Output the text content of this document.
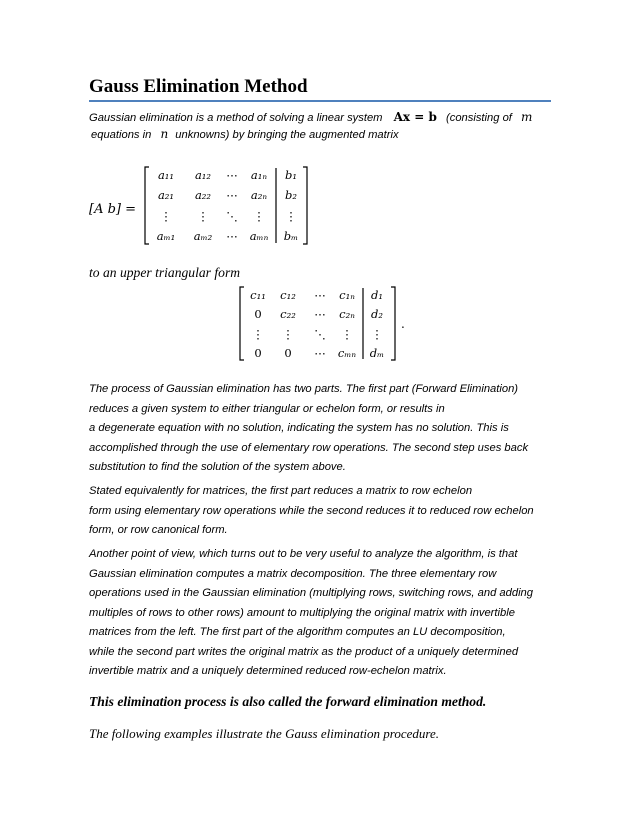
Gauss Elimination Method
Gaussian elimination is a method of solving a linear system Ax = b (consisting of m
equations in n unknowns) by bringing the augmented matrix
[A b] =
a₁₁ a₁₂ ⋯ a₁ₙ b₁
a₂₁ a₂₂ ⋯ a₂ₙ b₂
⋮ ⋮ ⋱ ⋮ ⋮
aₘ₁ aₘ₂ ⋯ aₘₙ bₘ
c₁₁ c₁₂ ⋯ c₁ₙ d₁
0 c₂₂ ⋯ c₂ₙ d₂
⋮ ⋮ ⋱ ⋮ ⋮
0 0 ⋯ cₘₙ dₘ
.
to an upper triangular form
The process of Gaussian elimination has two parts. The first part (Forward Elimination)
reduces a given system to either triangular or echelon form, or results in
a degenerate equation with no solution, indicating the system has no solution. This is
accomplished through the use of elementary row operations. The second step uses back
substitution to find the solution of the system above.
Stated equivalently for matrices, the first part reduces a matrix to row echelon
form using elementary row operations while the second reduces it to reduced row echelon
form, or row canonical form.
Another point of view, which turns out to be very useful to analyze the algorithm, is that
Gaussian elimination computes a matrix decomposition. The three elementary row
operations used in the Gaussian elimination (multiplying rows, switching rows, and adding
multiples of rows to other rows) amount to multiplying the original matrix with invertible
matrices from the left. The first part of the algorithm computes an LU decomposition,
while the second part writes the original matrix as the product of a uniquely determined
invertible matrix and a uniquely determined reduced row-echelon matrix.
This elimination process is also called the forward elimination method.
The following examples illustrate the Gauss elimination procedure.
